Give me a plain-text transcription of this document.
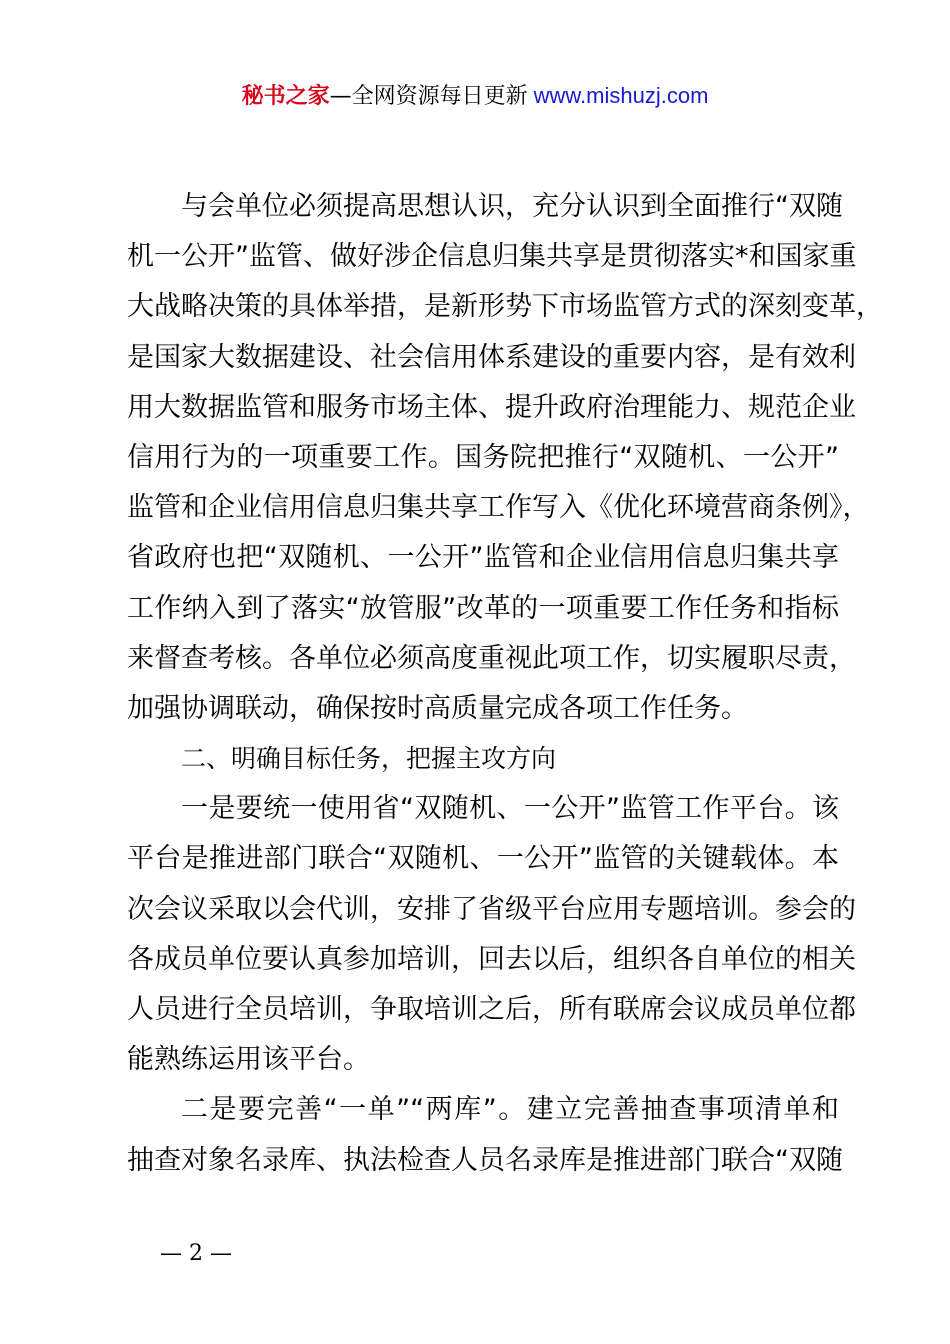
秘书之家—全网资源每日更新 www.mishuzj.com
与会单位必须提高思想认识，充分认识到全面推行“双随
机一公开”监管、做好涉企信息归集共享是贯彻落实*和国家重
大战略决策的具体举措，是新形势下市场监管方式的深刻变革，
是国家大数据建设、社会信用体系建设的重要内容，是有效利
用大数据监管和服务市场主体、提升政府治理能力、规范企业
信用行为的一项重要工作。国务院把推行“双随机、一公开”
监管和企业信用信息归集共享工作写入《优化环境营商条例》，
省政府也把“双随机、一公开”监管和企业信用信息归集共享
工作纳入到了落实“放管服”改革的一项重要工作任务和指标
来督查考核。各单位必须高度重视此项工作，切实履职尽责，
加强协调联动，确保按时高质量完成各项工作任务。
二、明确目标任务，把握主攻方向
一是要统一使用省“双随机、一公开”监管工作平台。该
平台是推进部门联合“双随机、一公开”监管的关键载体。本
次会议采取以会代训，安排了省级平台应用专题培训。参会的
各成员单位要认真参加培训，回去以后，组织各自单位的相关
人员进行全员培训，争取培训之后，所有联席会议成员单位都
能熟练运用该平台。
二是要完善“一单”“两库”。建立完善抽查事项清单和
抽查对象名录库、执法检查人员名录库是推进部门联合“双随
— 2 —
